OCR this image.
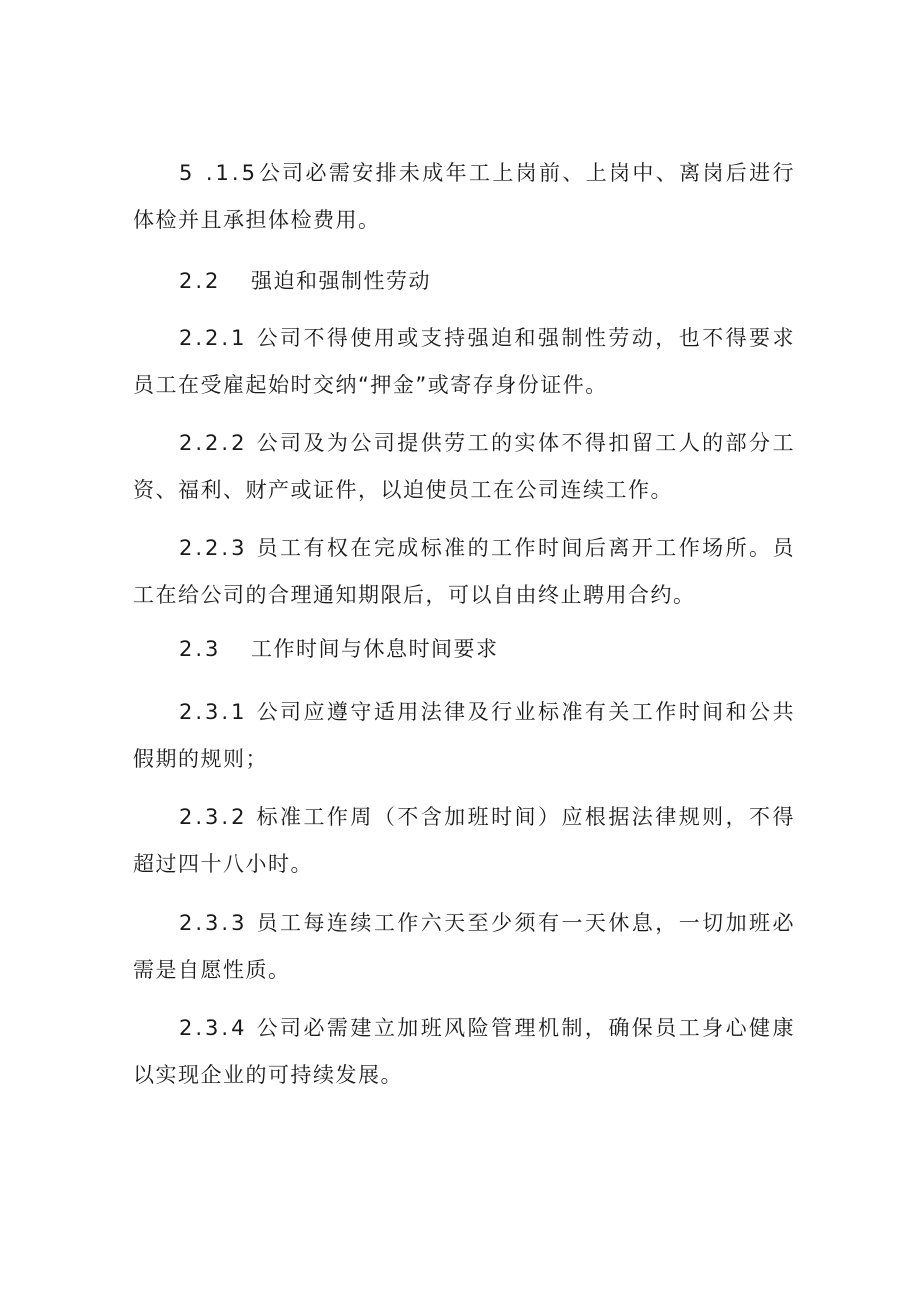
5 .1.5公司必需安排未成年工上岗前、上岗中、离岗后进行体检并且承担体检费用。

2.2 强迫和强制性劳动

2.2.1 公司不得使用或支持强迫和强制性劳动，也不得要求员工在受雇起始时交纳“押金”或寄存身份证件。

2.2.2 公司及为公司提供劳工的实体不得扣留工人的部分工资、福利、财产或证件，以迫使员工在公司连续工作。

2.2.3 员工有权在完成标准的工作时间后离开工作场所。员工在给公司的合理通知期限后，可以自由终止聘用合约。

2.3 工作时间与休息时间要求

2.3.1 公司应遵守适用法律及行业标准有关工作时间和公共假期的规则；

2.3.2 标准工作周（不含加班时间）应根据法律规则，不得超过四十八小时。

2.3.3 员工每连续工作六天至少须有一天休息，一切加班必需是自愿性质。

2.3.4 公司必需建立加班风险管理机制，确保员工身心健康以实现企业的可持续发展。
